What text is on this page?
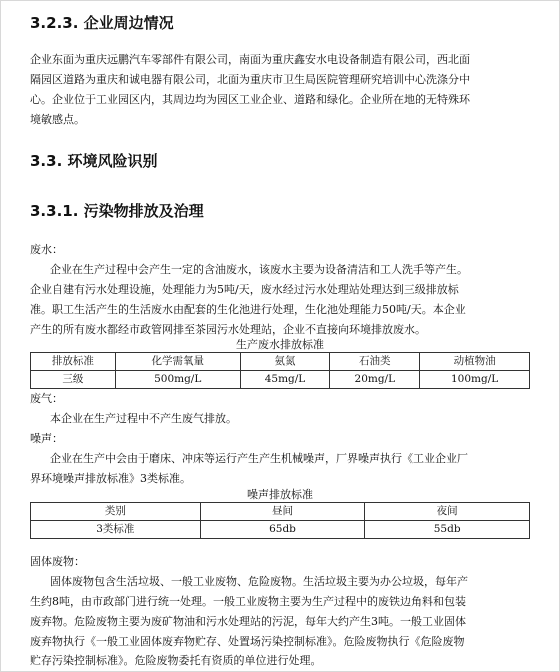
3.2.3. 企业周边情况
企业东面为重庆远鹏汽车零部件有限公司，南面为重庆鑫安水电设备制造有限公司，西北面
隔园区道路为重庆和诚电器有限公司，北面为重庆市卫生局医院管理研究培训中心洗涤分中
心。企业位于工业园区内，其周边均为园区工业企业、道路和绿化。企业所在地的无特殊环
境敏感点。
3.3. 环境风险识别
3.3.1. 污染物排放及治理
废水：
企业在生产过程中会产生一定的含油废水，该废水主要为设备清洁和工人洗手等产生。
企业自建有污水处理设施，处理能力为5吨/天，废水经过污水处理站处理达到三级排放标
准。职工生活产生的生活废水由配套的生化池进行处理，生化池处理能力50吨/天。本企业
产生的所有废水都经市政管网排至茶园污水处理站，企业不直接向环境排放废水。
生产废水排放标准
排放标准	化学需氧量	氨氮	石油类	动植物油
三级	500mg/L	45mg/L	20mg/L	100mg/L
废气：
本企业在生产过程中不产生废气排放。
噪声：
企业在生产中会由于磨床、冲床等运行产生产生机械噪声，厂界噪声执行《工业企业厂
界环境噪声排放标准》3类标准。
噪声排放标准
类别	昼间	夜间
3类标准	65db	55db
固体废物：
固体废物包含生活垃圾、一般工业废物、危险废物。生活垃圾主要为办公垃圾，每年产
生约8吨，由市政部门进行统一处理。一般工业废物主要为生产过程中的废铁边角料和包装
废弃物。危险废物主要为废矿物油和污水处理站的污泥，每年大约产生3吨。一般工业固体
废弃物执行《一般工业固体废弃物贮存、处置场污染控制标准》。危险废物执行《危险废物
贮存污染控制标准》。危险废物委托有资质的单位进行处理。
